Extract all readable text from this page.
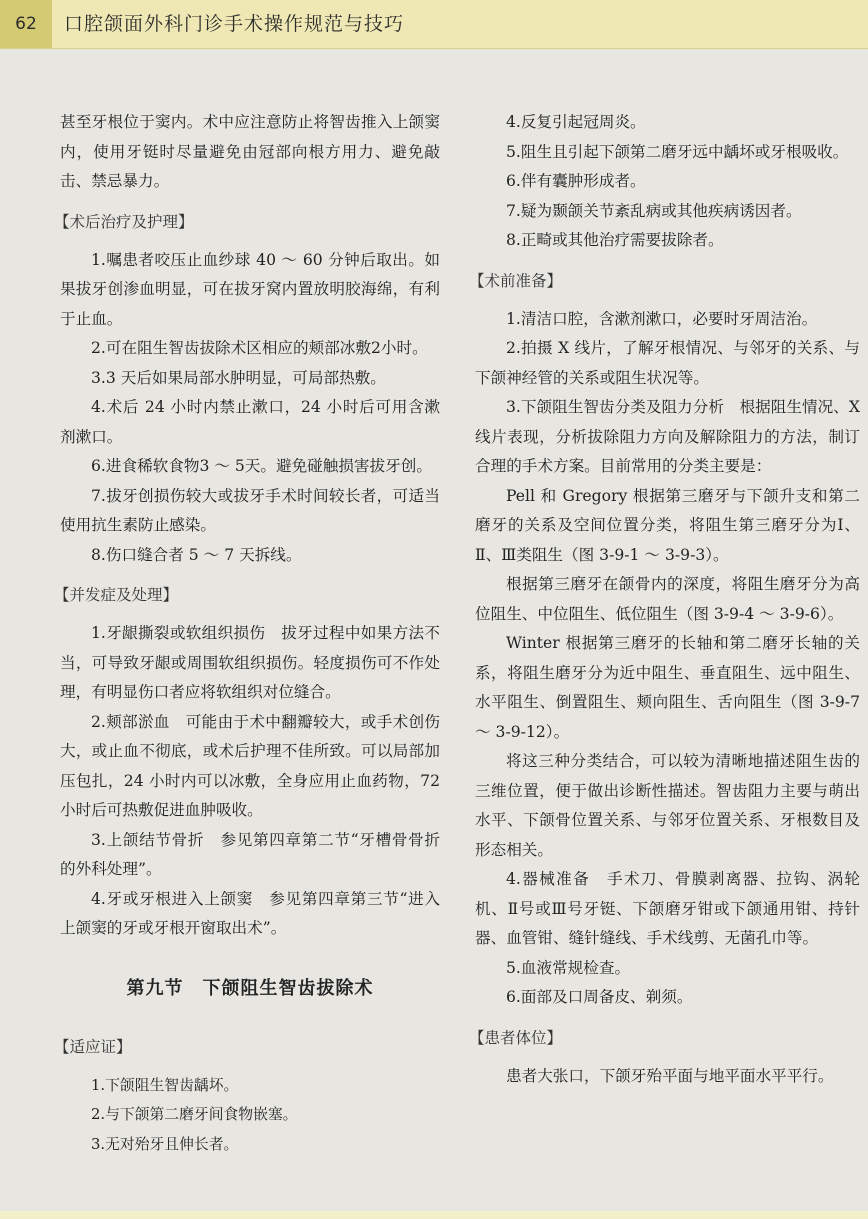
62	口腔颌面外科门诊手术操作规范与技巧

甚至牙根位于窦内。术中应注意防止将智齿推入上颌窦内，使用牙铤时尽量避免由冠部向根方用力、避免敲击、禁忌暴力。

【术后治疗及护理】

1.嘱患者咬压止血纱球 40 ～ 60 分钟后取出。如果拔牙创渗血明显，可在拔牙窝内置放明胶海绵，有利于止血。

2.可在阻生智齿拔除术区相应的颊部冰敷2小时。

3.3 天后如果局部水肿明显，可局部热敷。

4.术后 24 小时内禁止漱口，24 小时后可用含漱剂漱口。

6.进食稀软食物3 ～ 5天。避免碰触损害拔牙创。

7.拔牙创损伤较大或拔牙手术时间较长者，可适当使用抗生素防止感染。

8.伤口缝合者 5 ～ 7 天拆线。

【并发症及处理】

1.牙龈撕裂或软组织损伤　拔牙过程中如果方法不当，可导致牙龈或周围软组织损伤。轻度损伤可不作处理，有明显伤口者应将软组织对位缝合。

2.颊部淤血　可能由于术中翻瓣较大，或手术创伤大，或止血不彻底，或术后护理不佳所致。可以局部加压包扎，24 小时内可以冰敷，全身应用止血药物，72 小时后可热敷促进血肿吸收。

3.上颌结节骨折　参见第四章第二节“牙槽骨骨折的外科处理”。

4.牙或牙根进入上颌窦　参见第四章第三节“进入上颌窦的牙或牙根开窗取出术”。

第九节　下颌阻生智齿拔除术
【适应证】

1.下颌阻生智齿龋坏。

2.与下颌第二磨牙间食物嵌塞。

3.无对殆牙且伸长者。

4.反复引起冠周炎。

5.阻生且引起下颌第二磨牙远中龋坏或牙根吸收。

6.伴有囊肿形成者。

7.疑为颞颌关节紊乱病或其他疾病诱因者。

8.正畸或其他治疗需要拔除者。

【术前准备】

1.清洁口腔，含漱剂漱口，必要时牙周洁治。

2.拍摄 X 线片，了解牙根情况、与邻牙的关系、与下颌神经管的关系或阻生状况等。

3.下颌阻生智齿分类及阻力分析　根据阻生情况、X 线片表现，分析拔除阻力方向及解除阻力的方法，制订合理的手术方案。目前常用的分类主要是：

Pell 和 Gregory 根据第三磨牙与下颌升支和第二磨牙的关系及空间位置分类，将阻生第三磨牙分为Ⅰ、Ⅱ、Ⅲ类阻生（图 3-9-1 ～ 3-9-3）。

根据第三磨牙在颌骨内的深度，将阻生磨牙分为高位阻生、中位阻生、低位阻生（图 3-9-4 ～ 3-9-6）。

Winter 根据第三磨牙的长轴和第二磨牙长轴的关系，将阻生磨牙分为近中阻生、垂直阻生、远中阻生、水平阻生、倒置阻生、颊向阻生、舌向阻生（图 3-9-7 ～ 3-9-12）。

将这三种分类结合，可以较为清晰地描述阻生齿的三维位置，便于做出诊断性描述。智齿阻力主要与萌出水平、下颌骨位置关系、与邻牙位置关系、牙根数目及形态相关。

4.器械准备　手术刀、骨膜剥离器、拉钩、涡轮机、Ⅱ号或Ⅲ号牙铤、下颌磨牙钳或下颌通用钳、持针器、血管钳、缝针缝线、手术线剪、无菌孔巾等。

5.血液常规检查。

6.面部及口周备皮、剃须。

【患者体位】

患者大张口，下颌牙殆平面与地平面水平平行。
